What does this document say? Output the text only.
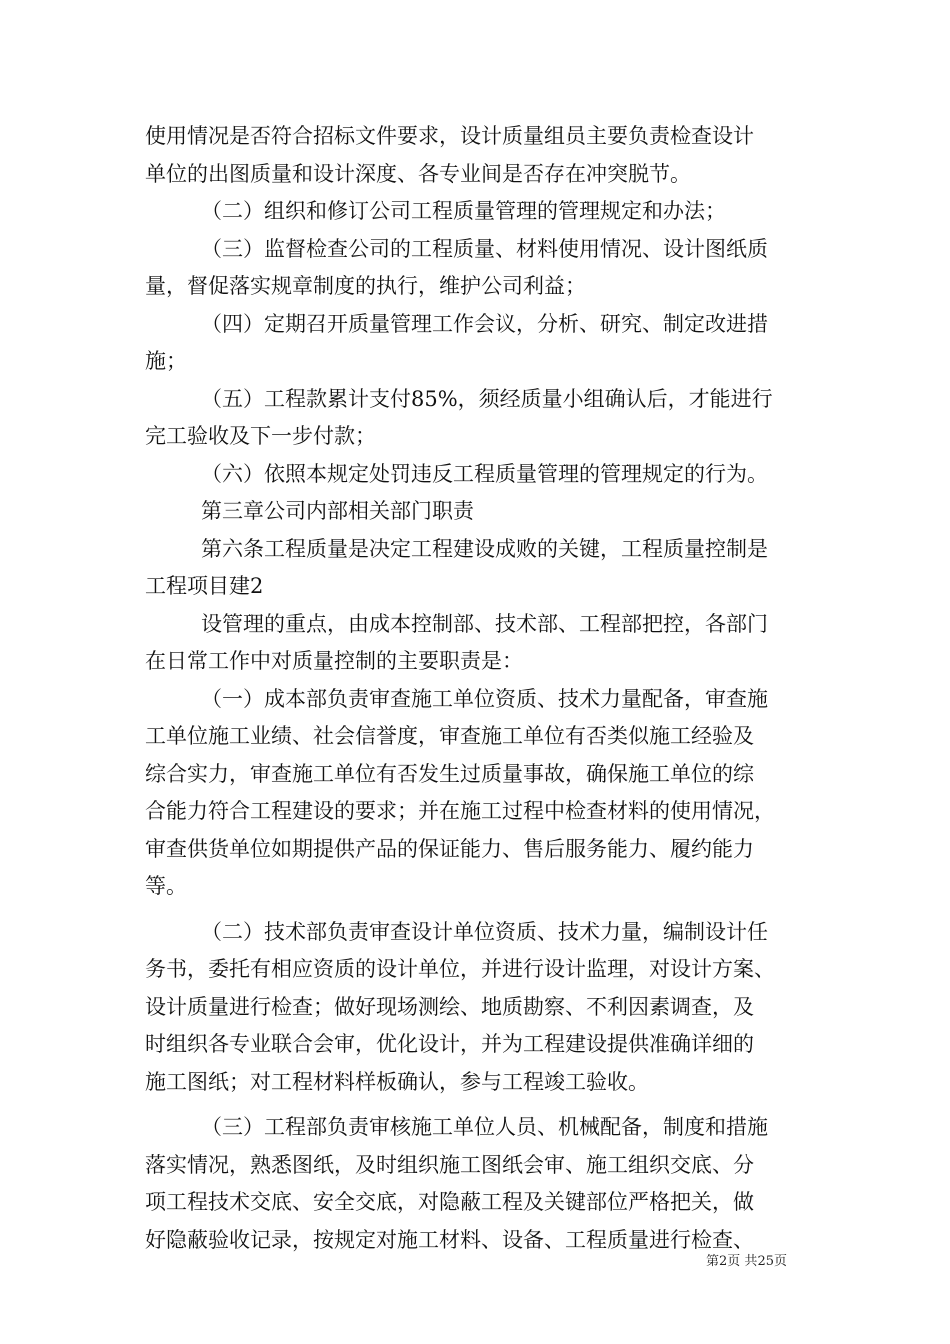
使用情况是否符合招标文件要求，设计质量组员主要负责检查设计
单位的出图质量和设计深度、各专业间是否存在冲突脱节。
（二）组织和修订公司工程质量管理的管理规定和办法；
（三）监督检查公司的工程质量、材料使用情况、设计图纸质
量，督促落实规章制度的执行，维护公司利益；
（四）定期召开质量管理工作会议，分析、研究、制定改进措
施；
（五）工程款累计支付85%，须经质量小组确认后，才能进行
完工验收及下一步付款；
（六）依照本规定处罚违反工程质量管理的管理规定的行为。
第三章公司内部相关部门职责
第六条工程质量是决定工程建设成败的关键，工程质量控制是
工程项目建2
设管理的重点，由成本控制部、技术部、工程部把控，各部门
在日常工作中对质量控制的主要职责是：
（一）成本部负责审查施工单位资质、技术力量配备，审查施
工单位施工业绩、社会信誉度，审查施工单位有否类似施工经验及
综合实力，审查施工单位有否发生过质量事故，确保施工单位的综
合能力符合工程建设的要求；并在施工过程中检查材料的使用情况，
审查供货单位如期提供产品的保证能力、售后服务能力、履约能力
等。
（二）技术部负责审查设计单位资质、技术力量，编制设计任
务书，委托有相应资质的设计单位，并进行设计监理，对设计方案、
设计质量进行检查；做好现场测绘、地质勘察、不利因素调查，及
时组织各专业联合会审，优化设计，并为工程建设提供准确详细的
施工图纸；对工程材料样板确认，参与工程竣工验收。
（三）工程部负责审核施工单位人员、机械配备，制度和措施
落实情况，熟悉图纸，及时组织施工图纸会审、施工组织交底、分
项工程技术交底、安全交底，对隐蔽工程及关键部位严格把关，做
好隐蔽验收记录，按规定对施工材料、设备、工程质量进行检查、
第2页 共25页
